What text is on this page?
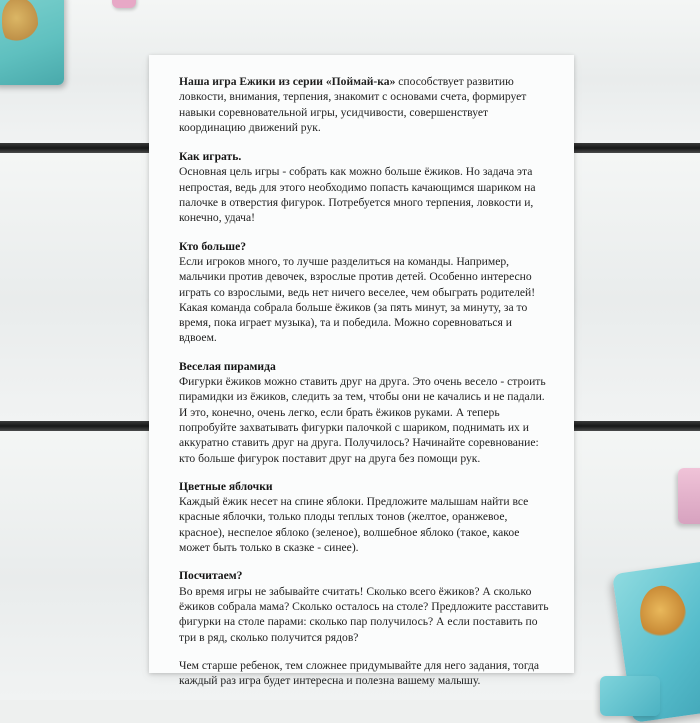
Наша игра Ежики из серии «Поймай-ка» способствует развитию ловкости, внимания, терпения, знакомит с основами счета, формирует навыки соревновательной игры, усидчивости, совершенствует координацию движений рук.

Как играть.

Основная цель игры - собрать как можно больше ёжиков. Но задача эта непростая, ведь для этого необходимо попасть качающимся шариком на палочке в отверстия фигурок. Потребуется много терпения, ловкости и, конечно, удача!

Кто больше?

Если игроков много, то лучше разделиться на команды. Например, мальчики против девочек, взрослые против детей. Особенно интересно играть со взрослыми, ведь нет ничего веселее, чем обыграть родителей! Какая команда собрала больше ёжиков (за пять минут, за минуту, за то время, пока играет музыка), та и победила. Можно соревноваться и вдвоем.

Веселая пирамида

Фигурки ёжиков можно ставить друг на друга. Это очень весело - строить пирамидки из ёжиков, следить за тем, чтобы они не качались и не падали. И это, конечно, очень легко, если брать ёжиков руками. А теперь попробуйте захватывать фигурки палочкой с шариком, поднимать их и аккуратно ставить друг на друга. Получилось? Начинайте соревнование: кто больше фигурок поставит друг на друга без помощи рук.

Цветные яблочки

Каждый ёжик несет на спине яблоки. Предложите малышам найти все красные яблочки, только плоды теплых тонов (желтое, оранжевое, красное), неспелое яблоко (зеленое), волшебное яблоко (такое, какое может быть только в сказке - синее).

Посчитаем?

Во время игры не забывайте считать! Сколько всего ёжиков? А сколько ёжиков собрала мама? Сколько осталось на столе? Предложите расставить фигурки на столе парами: сколько пар получилось? А если поставить по три в ряд, сколько получится рядов?

Чем старше ребенок, тем сложнее придумывайте для него задания, тогда каждый раз игра будет интересна и полезна вашему малышу.
